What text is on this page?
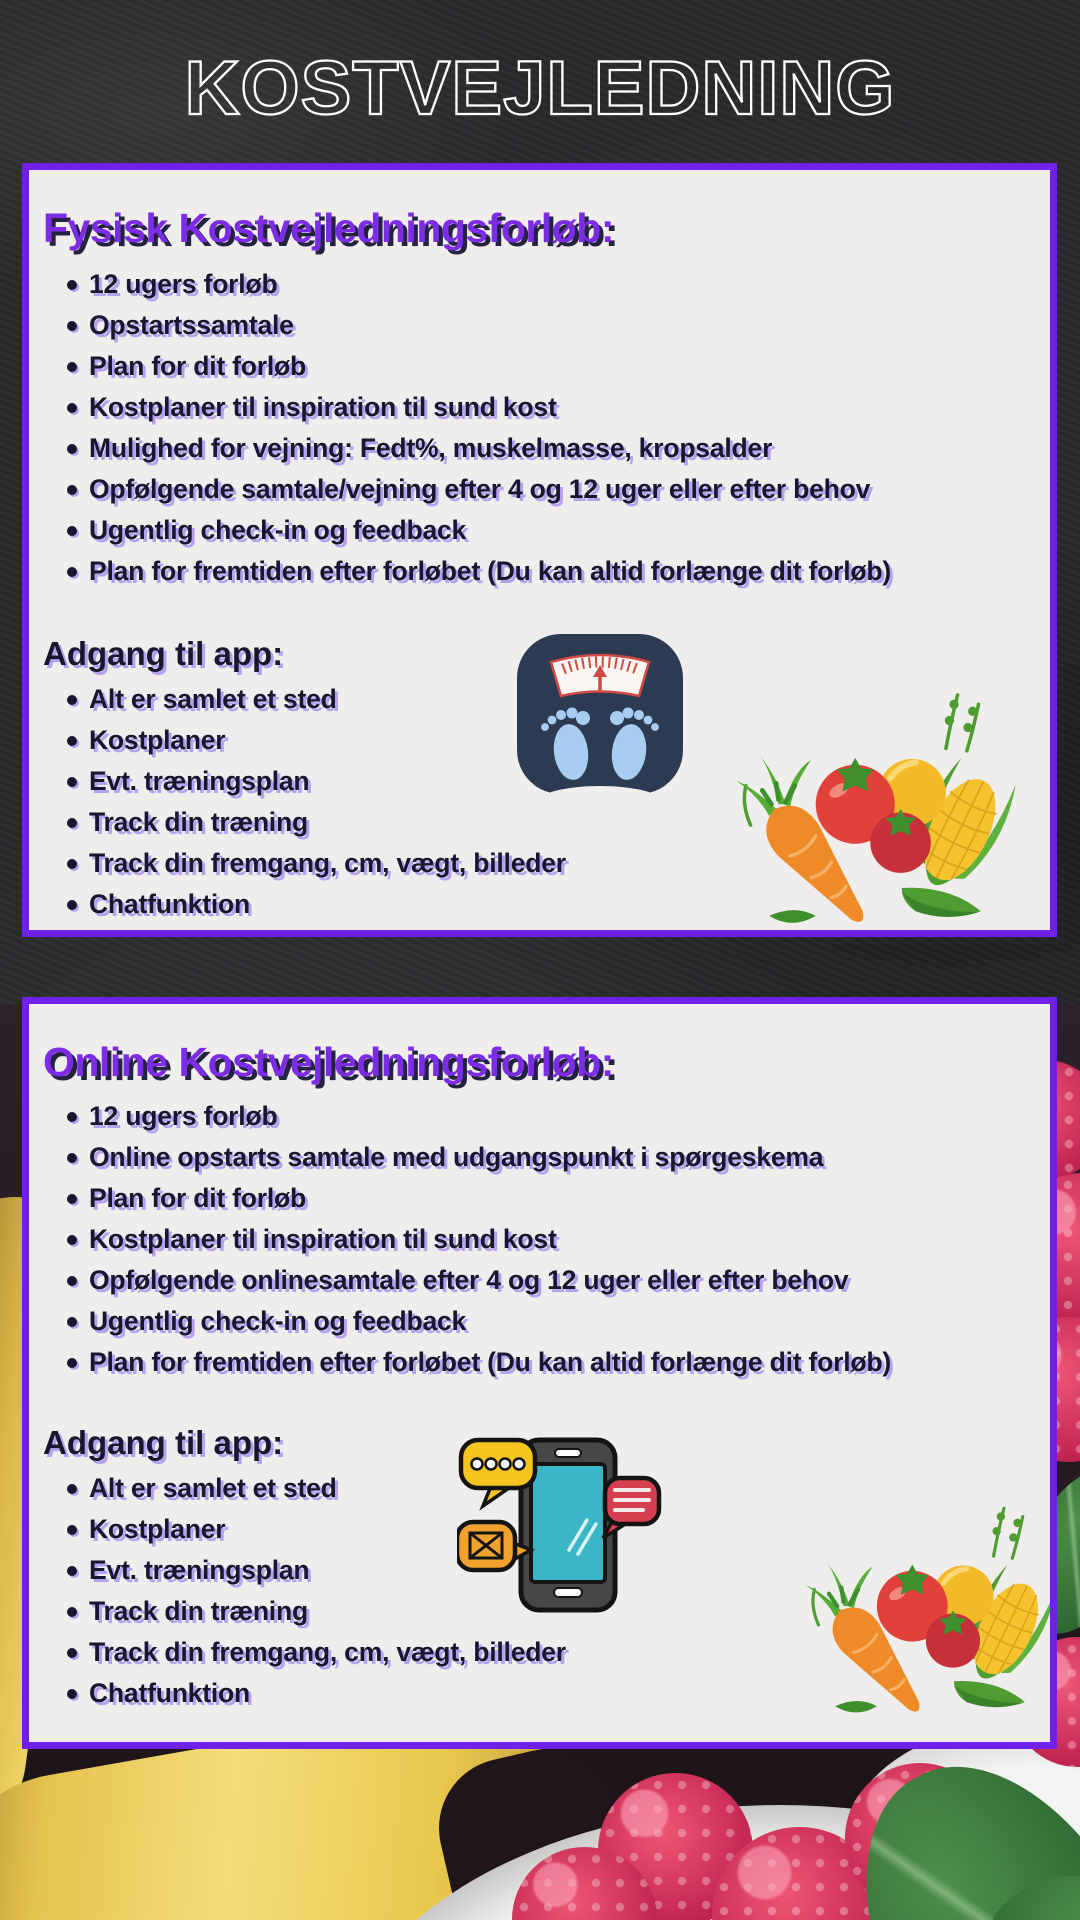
KOSTVEJLEDNING
Fysisk Kostvejledningsforløb:
12 ugers forløb
Opstartssamtale
Plan for dit forløb
Kostplaner til inspiration til sund kost
Mulighed for vejning: Fedt%, muskelmasse, kropsalder
Opfølgende samtale/vejning efter 4 og 12 uger eller efter behov
Ugentlig check-in og feedback
Plan for fremtiden efter forløbet (Du kan altid forlænge dit forløb)
Adgang til app:
Alt er samlet et sted
Kostplaner
Evt. træningsplan
Track din træning
Track din fremgang, cm, vægt, billeder
Chatfunktion
Online Kostvejledningsforløb:
12 ugers forløb
Online opstarts samtale med udgangspunkt i spørgeskema
Plan for dit forløb
Kostplaner til inspiration til sund kost
Opfølgende onlinesamtale efter 4 og 12 uger eller efter behov
Ugentlig check-in og feedback
Plan for fremtiden efter forløbet (Du kan altid forlænge dit forløb)
Adgang til app:
Alt er samlet et sted
Kostplaner
Evt. træningsplan
Track din træning
Track din fremgang, cm, vægt, billeder
Chatfunktion
